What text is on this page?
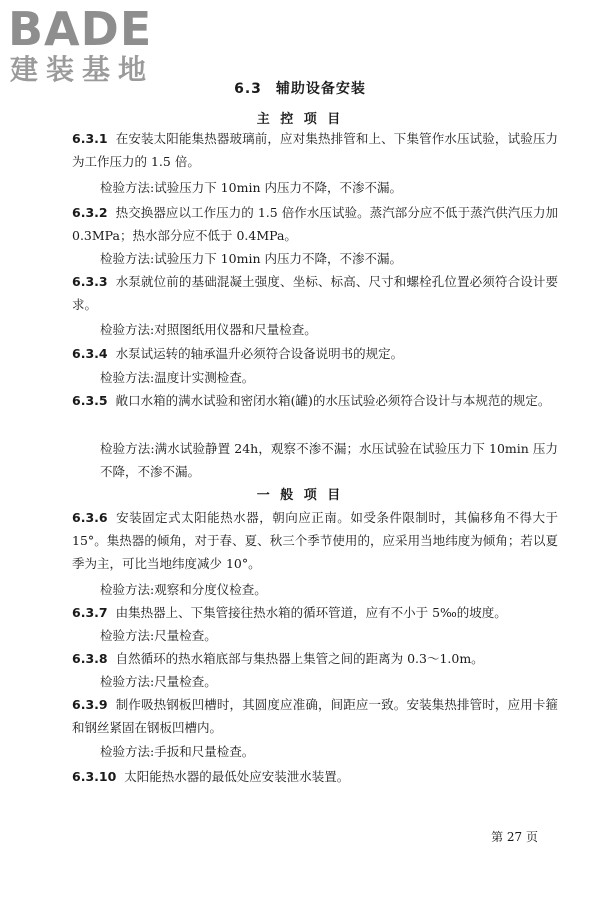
BADE
建装基地
6.3 辅助设备安装
主 控 项 目
6.3.1 在安装太阳能集热器玻璃前，应对集热排管和上、下集管作水压试验，试验压力为工作压力的 1.5 倍。
检验方法:试验压力下 10min 内压力不降，不渗不漏。
6.3.2 热交换器应以工作压力的 1.5 倍作水压试验。蒸汽部分应不低于蒸汽供汽压力加 0.3MPa；热水部分应不低于 0.4MPa。
检验方法:试验压力下 10min 内压力不降，不渗不漏。
6.3.3 水泵就位前的基础混凝土强度、坐标、标高、尺寸和螺栓孔位置必须符合设计要求。
检验方法:对照图纸用仪器和尺量检查。
6.3.4 水泵试运转的轴承温升必须符合设备说明书的规定。
检验方法:温度计实测检查。
6.3.5 敞口水箱的满水试验和密闭水箱(罐)的水压试验必须符合设计与本规范的规定。
检验方法:满水试验静置 24h，观察不渗不漏；水压试验在试验压力下 10min 压力不降，不渗不漏。
一 般 项 目
6.3.6 安装固定式太阳能热水器，朝向应正南。如受条件限制时，其偏移角不得大于 15°。集热器的倾角，对于春、夏、秋三个季节使用的，应采用当地纬度为倾角；若以夏季为主，可比当地纬度减少 10°。
检验方法:观察和分度仪检查。
6.3.7 由集热器上、下集管接往热水箱的循环管道，应有不小于 5‰的坡度。
检验方法:尺量检查。
6.3.8 自然循环的热水箱底部与集热器上集管之间的距离为 0.3～1.0m。
检验方法:尺量检查。
6.3.9 制作吸热钢板凹槽时，其圆度应准确，间距应一致。安装集热排管时，应用卡箍和钢丝紧固在钢板凹槽内。
检验方法:手扳和尺量检查。
6.3.10 太阳能热水器的最低处应安装泄水装置。
第 27 页
